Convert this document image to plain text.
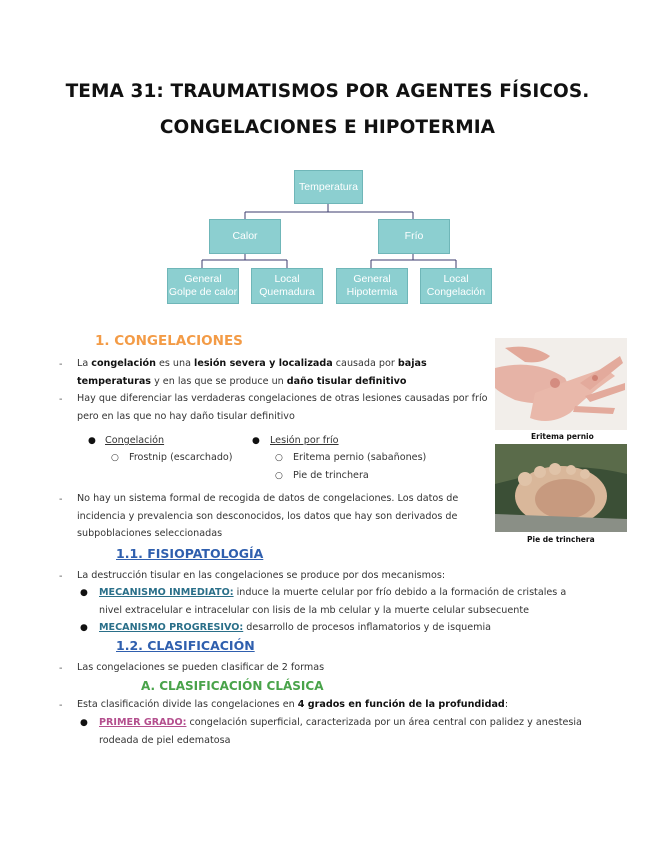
TEMA 31: TRAUMATISMOS POR AGENTES FÍSICOS.
CONGELACIONES E HIPOTERMIA
Temperatura
Calor	Frío
General
Golpe de calor
Local
Quemadura
General
Hipotermia
Local
Congelación
Eritema pernio
Pie de trinchera
1. CONGELACIONES
- La congelación es una lesión severa y localizada causada por bajas
temperaturas y en las que se produce un daño tisular definitivo
- Hay que diferenciar las verdaderas congelaciones de otras lesiones causadas por frío
pero en las que no hay daño tisular definitivo
● Congelación
○ Frostnip (escarchado)
● Lesión por frío
○ Eritema pernio (sabañones)
○ Pie de trinchera
- No hay un sistema formal de recogida de datos de congelaciones. Los datos de
incidencia y prevalencia son desconocidos, los datos que hay son derivados de
subpoblaciones seleccionadas
1.1. FISIOPATOLOGÍA
- La destrucción tisular en las congelaciones se produce por dos mecanismos:
● MECANISMO INMEDIATO: induce la muerte celular por frío debido a la formación de cristales a
nivel extracelular e intracelular con lisis de la mb celular y la muerte celular subsecuente
● MECANISMO PROGRESIVO: desarrollo de procesos inflamatorios y de isquemia
1.2. CLASIFICACIÓN
- Las congelaciones se pueden clasificar de 2 formas
A. CLASIFICACIÓN CLÁSICA
- Esta clasificación divide las congelaciones en 4 grados en función de la profundidad:
● PRIMER GRADO: congelación superficial, caracterizada por un área central con palidez y anestesia
rodeada de piel edematosa
